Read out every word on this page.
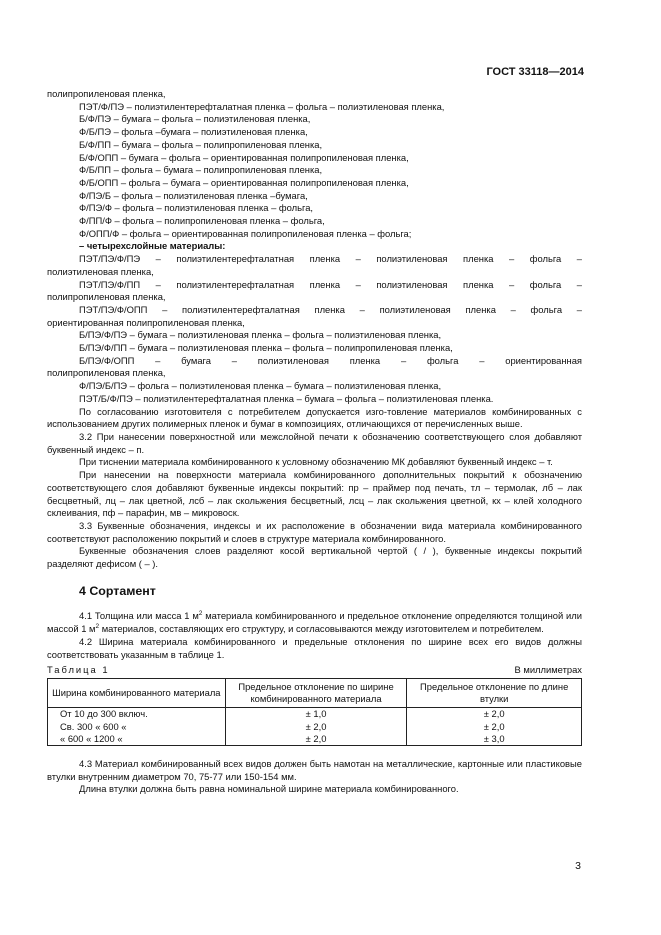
ГОСТ 33118—2014
полипропиленовая пленка,
ПЭТ/Ф/ПЭ – полиэтилентерефталатная пленка – фольга – полиэтиленовая пленка,
Б/Ф/ПЭ – бумага – фольга – полиэтиленовая пленка,
Ф/Б/ПЭ – фольга –бумага – полиэтиленовая пленка,
Б/Ф/ПП – бумага – фольга – полипропиленовая пленка,
Б/Ф/ОПП – бумага – фольга – ориентированная полипропиленовая пленка,
Ф/Б/ПП – фольга – бумага – полипропиленовая пленка,
Ф/Б/ОПП – фольга – бумага – ориентированная полипропиленовая пленка,
Ф/ПЭ/Б – фольга – полиэтиленовая пленка –бумага,
Ф/ПЭ/Ф – фольга – полиэтиленовая пленка – фольга,
Ф/ПП/Ф – фольга – полипропиленовая пленка – фольга,
Ф/ОПП/Ф – фольга – ориентированная полипропиленовая пленка – фольга;
– четырехслойные материалы:
ПЭТ/ПЭ/Ф/ПЭ – полиэтилентерефталатная пленка – полиэтиленовая пленка – фольга –
полиэтиленовая пленка,
ПЭТ/ПЭ/Ф/ПП – полиэтилентерефталатная пленка – полиэтиленовая пленка – фольга –
полипропиленовая пленка,
ПЭТ/ПЭ/Ф/ОПП – полиэтилентерефталатная пленка – полиэтиленовая пленка – фольга –
ориентированная полипропиленовая пленка,
Б/ПЭ/Ф/ПЭ – бумага – полиэтиленовая пленка – фольга – полиэтиленовая пленка,
Б/ПЭ/Ф/ПП – бумага – полиэтиленовая пленка – фольга – полипропиленовая пленка,
Б/ПЭ/Ф/ОПП – бумага – полиэтиленовая пленка – фольга – ориентированная
полипропиленовая пленка,
Ф/ПЭ/Б/ПЭ – фольга – полиэтиленовая пленка – бумага – полиэтиленовая пленка,
ПЭТ/Б/Ф/ПЭ – полиэтилентерефталатная пленка – бумага – фольга – полиэтиленовая пленка.
По согласованию изготовителя с потребителем допускается изго-товление материалов комбинированных с использованием других полимерных пленок и бумаг в композициях, отличающихся от перечисленных выше.
3.2 При нанесении поверхностной или межслойной печати к обозначению соответствующего слоя добавляют буквенный индекс – п.
При тиснении материала комбинированного к условному обозначению МК добавляют буквенный индекс – т.
При нанесении на поверхности материала комбинированного дополнительных покрытий к обозначению соответствующего слоя добавляют буквенные индексы покрытий: пр – праймер под печать, тл – термолак, лб – лак бесцветный, лц – лак цветной, лсб – лак скольжения бесцветный, лсц – лак скольжения цветной, кх – клей холодного склеивания, пф – парафин, мв – микровоск.
3.3 Буквенные обозначения, индексы и их расположение в обозначении вида материала комбинированного соответствуют расположению покрытий и слоев в структуре материала комбинированного.
Буквенные обозначения слоев разделяют косой вертикальной чертой ( / ), буквенные индексы покрытий разделяют дефисом ( – ).
4 Сортамент
4.1 Толщина или масса 1 $м^2$ материала комбинированного и предельное отклонение определяются толщиной или массой 1 $м^2$ материалов, составляющих его структуру, и согласовываются между изготовителем и потребителем.
4.2 Ширина материала комбинированного и предельные отклонения по ширине всех его видов должны соответствовать указанным в таблице 1.
Таблица 1	В миллиметрах
Ширина комбинированного материала	Предельное отклонение по ширине комбинированного материала	Предельное отклонение по длине втулки
От 10 до 300 включ.	± 1,0	± 2,0
Св. 300 « 600 «	± 2,0	± 2,0
« 600 « 1200 «	± 2,0	± 3,0
4.3 Материал комбинированный всех видов должен быть намотан на металлические, картонные или пластиковые втулки внутренним диаметром 70, 75-77 или 150-154 мм.
Длина втулки должна быть равна номинальной ширине материала комбинированного.
3
